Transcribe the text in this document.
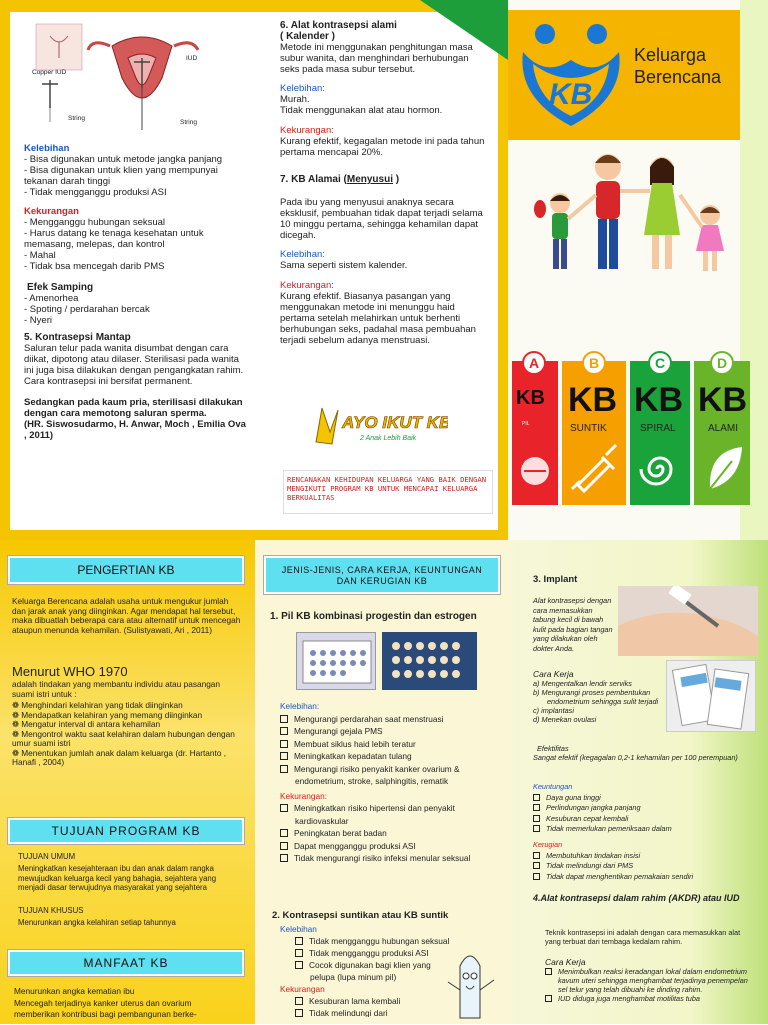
Copper IUD
IUD
String
String
Kelebihan
- Bisa digunakan untuk metode jangka panjang
- Bisa digunakan untuk klien yang mempunyai tekanan darah tinggi
- Tidak mengganggu produksi ASI
Kekurangan
- Mengganggu hubungan seksual
- Harus datang ke tenaga kesehatan untuk memasang, melepas, dan kontrol
- Mahal
- Tidak bsa mencegah darib PMS
Efek Samping
- Amenorhea
- Spoting / perdarahan bercak
- Nyeri
5. Kontrasepsi Mantap
Saluran telur pada wanita disumbat dengan cara diikat, dipotong atau dilaser. Sterilisasi pada wanita ini juga bisa dilakukan dengan pengangkatan rahim.
Cara kontrasepsi ini bersifat permanent.
Sedangkan pada kaum pria, sterilisasi dilakukan dengan cara memotong saluran sperma.
(HR. Siswosudarmo, H. Anwar, Moch , Emilia Ova , 2011)
6. Alat kontrasepsi alami
( Kalender )
Metode ini menggunakan penghitungan masa subur wanita, dan menghindari berhubungan seks pada masa subur tersebut.
Kelebihan:
Murah.
Tidak menggunakan alat atau hormon.
Kekurangan:
Kurang efektif, kegagalan metode ini pada tahun pertama mencapai 20%.
7. KB Alamai (Menyusui )
Pada ibu yang menyusui anaknya secara eksklusif, pembuahan tidak dapat terjadi selama 10 minggu pertama, sehingga kehamilan dapat dicegah.
Kelebihan:
Sama seperti sistem kalender.
Kekurangan:
Kurang efektif. Biasanya pasangan yang menggunakan metode ini menunggu haid pertama setelah melahirkan untuk berhenti berhubungan seks, padahal masa pembuahan terjadi sebelum adanya menstruasi.
AYO IKUT KB
2 Anak Lebih Baik
RENCANAKAN KEHIDUPAN KELUARGA YANG BAIK DENGAN MENGIKUTI PROGRAM KB UNTUK MENCAPAI KELUARGA BERKUALITAS
KB
Keluarga
Berencana
A	B	C	D
KB KB KB KB
PIL	SUNTIK	SPIRAL	ALAMI
PENGERTIAN KB
Keluarga Berencana adalah usaha untuk mengukur jumlah dan jarak anak yang diinginkan. Agar mendapat hal tersebut, maka dibuatlah beberapa cara atau alternatif untuk mencegah ataupun menunda kehamilan. (Sulistyawati, Ari , 2011)
Menurut WHO 1970
adalah tindakan yang membantu individu atau pasangan suami istri untuk :
❁ Menghindari kelahiran yang tidak diinginkan
❁ Mendapatkan kelahiran yang memang diinginkan
❁ Mengatur interval di antara kehamilan
❁ Mengontrol waktu saat kelahiran dalam hubungan dengan umur suami istri
❁ Menentukan jumlah anak dalam keluarga (dr. Hartanto , Hanafi , 2004)
TUJUAN PROGRAM KB
TUJUAN UMUM
Meningkatkan kesejahteraan ibu dan anak dalam rangka mewujudkan keluarga kecil yang bahagia, sejahtera yang menjadi dasar terwujudnya masyarakat yang sejahtera
TUJUAN KHUSUS
Menurunkan angka kelahiran setiap tahunnya
MANFAAT KB
Menurunkan angka kematian ibu
Mencegah terjadinya kanker uterus dan ovarium
memberikan kontribusi bagi pembangunan berke-
JENIS-JENIS, CARA KERJA, KEUNTUNGAN DAN KERUGIAN KB
1. Pil KB kombinasi progestin dan estrogen
Kelebihan:
Mengurangi perdarahan saat menstruasi
Mengurangi gejala PMS
Membuat siklus haid lebih teratur
Meningkatkan kepadatan tulang
Mengurangi risiko penyakit kanker ovarium & endometrium, stroke, salphingitis, rematik
Kekurangan:
Meningkatkan risiko hipertensi dan penyakit kardiovaskular
Peningkatan berat badan
Dapat mengganggu produksi ASI
Tidak mengurangi risiko infeksi menular seksual
2. Kontrasepsi suntikan atau KB suntik
Kelebihan
Tidak mengganggu hubungan seksual
Tidak mengganggu produksi ASI
Cocok digunakan bagi klien yang pelupa (lupa minum pil)
Kekurangan
Kesuburan lama kembali
Tidak melindungi dari
3. Implant
Alat kontrasepsi dengan cara memasukkan tabung kecil di bawah kulit pada bagian tangan yang dilakukan oleh dokter Anda.
Cara Kerja
a) Mengentalkan lendir serviks
b) Mengurangi proses pembentukan endometrium sehingga sulit terjadi
c) implantasi
d) Menekan ovulasi
Efektifitas
Sangat efektif (kegagalan 0,2-1 kehamilan per 100 perempuan)
Keuntungan
Daya guna tinggi
Perlindungan jangka panjang
Kesuburan cepat kembali
Tidak memerlukan pemeriksaan dalam
Kerugian
Membutuhkan tindakan insisi
Tidak melindungi dari PMS
Tidak dapat menghentikan pemakaian sendiri
4.Alat kontrasepsi dalam rahim (AKDR) atau IUD
Teknik kontrasepsi ini adalah dengan cara memasukkan alat yang terbuat dari tembaga kedalam rahim.
Cara Kerja
Menimbulkan reaksi keradangan lokal dalam endometrium kavum uteri sehingga menghambat terjadinya penempelan sel telur yang telah dibuahi ke dinding rahim.
IUD diduga juga menghambat motilitas tuba
